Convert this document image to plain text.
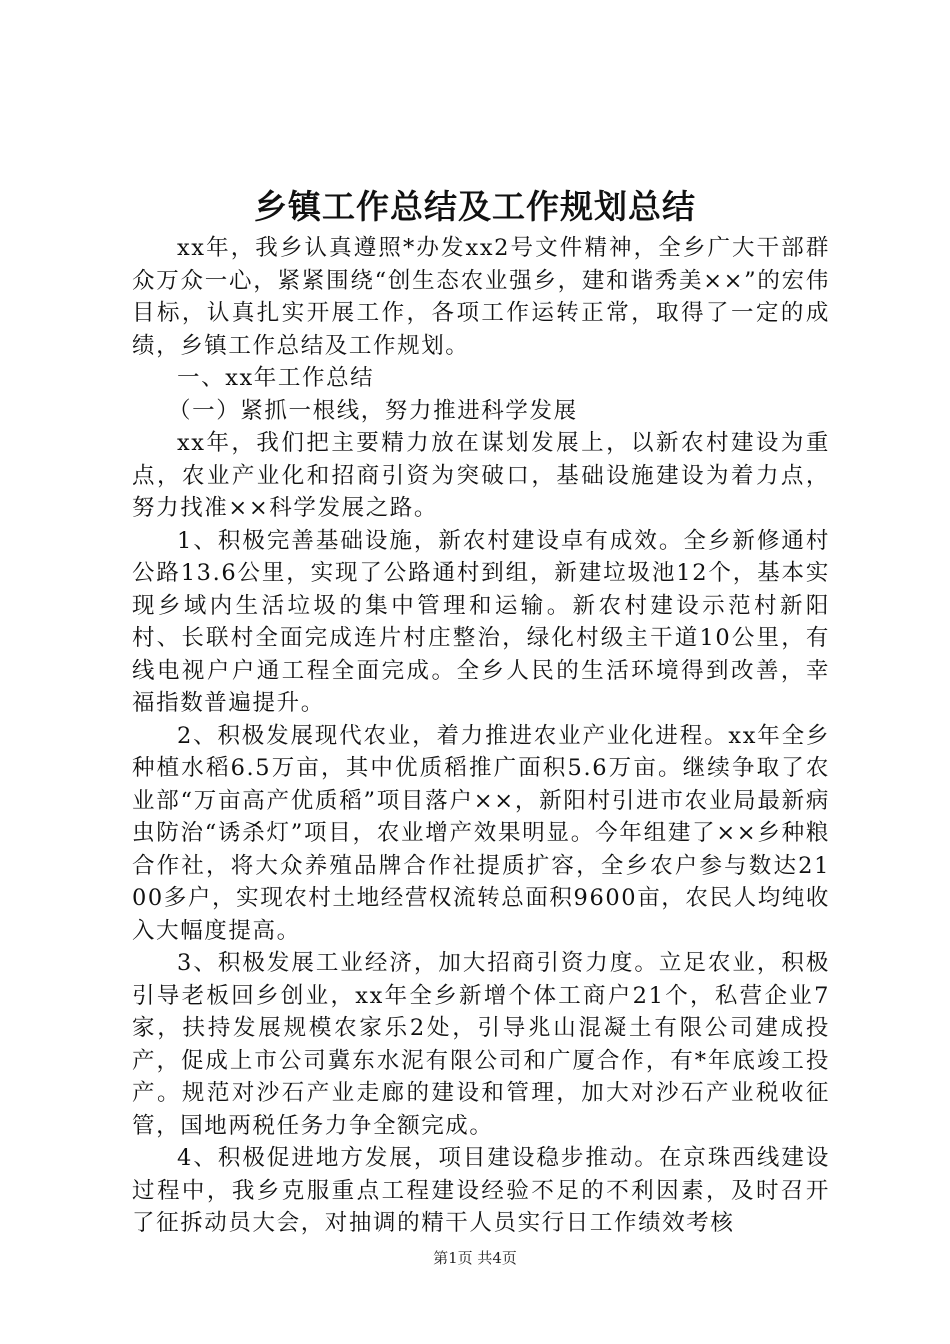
乡镇工作总结及工作规划总结

xx年，我乡认真遵照*办发xx2号文件精神，全乡广大干部群众万众一心，紧紧围绕“创生态农业强乡，建和谐秀美××”的宏伟目标，认真扎实开展工作，各项工作运转正常，取得了一定的成绩，乡镇工作总结及工作规划。

一、xx年工作总结

（一）紧抓一根线，努力推进科学发展

xx年，我们把主要精力放在谋划发展上，以新农村建设为重点，农业产业化和招商引资为突破口，基础设施建设为着力点，努力找准××科学发展之路。

1、积极完善基础设施，新农村建设卓有成效。全乡新修通村公路13.6公里，实现了公路通村到组，新建垃圾池12个，基本实现乡域内生活垃圾的集中管理和运输。新农村建设示范村新阳村、长联村全面完成连片村庄整治，绿化村级主干道10公里，有线电视户户通工程全面完成。全乡人民的生活环境得到改善，幸福指数普遍提升。

2、积极发展现代农业，着力推进农业产业化进程。xx年全乡种植水稻6.5万亩，其中优质稻推广面积5.6万亩。继续争取了农业部“万亩高产优质稻”项目落户××，新阳村引进市农业局最新病虫防治“诱杀灯”项目，农业增产效果明显。今年组建了××乡种粮合作社，将大众养殖品牌合作社提质扩容，全乡农户参与数达2100多户，实现农村土地经营权流转总面积9600亩，农民人均纯收入大幅度提高。

3、积极发展工业经济，加大招商引资力度。立足农业，积极引导老板回乡创业，xx年全乡新增个体工商户21个，私营企业7家，扶持发展规模农家乐2处，引导兆山混凝土有限公司建成投产，促成上市公司冀东水泥有限公司和广厦合作，有*年底竣工投产。规范对沙石产业走廊的建设和管理，加大对沙石产业税收征管，国地两税任务力争全额完成。

4、积极促进地方发展，项目建设稳步推动。在京珠西线建设过程中，我乡克服重点工程建设经验不足的不利因素，及时召开了征拆动员大会，对抽调的精干人员实行日工作绩效考核

第1页 共4页
